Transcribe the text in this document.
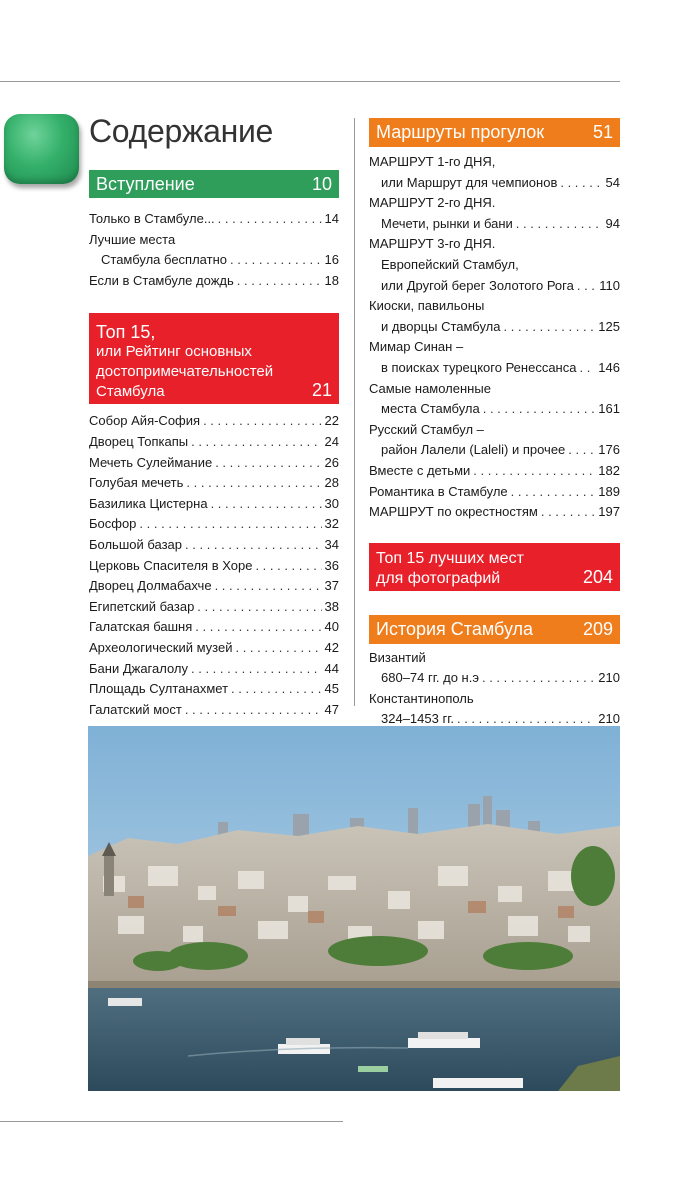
Содержание
Вступление	10
Только в Стамбуле... . . .	14
Лучшие места
Стамбула бесплатно . . .	16
Если в Стамбуле дождь . . .	18
Топ 15,
или Рейтинг основных
достопримечательностей
Стамбула	21
Собор Айя-София . . .	22
Дворец Топкапы . . .	24
Мечеть Сулеймание . . .	26
Голубая мечеть . . .	28
Базилика Цистерна . . .	30
Босфор . . .	32
Большой базар . . .	34
Церковь Спасителя в Хоре . . .	36
Дворец Долмабахче . . .	37
Египетский базар . . .	38
Галатская башня . . .	40
Археологический музей . . .	42
Бани Джагалолу . . .	44
Площадь Султанахмет . . .	45
Галатский мост . . .	47
Маршруты прогулок	51
МАРШРУТ 1-го ДНЯ,
или Маршрут для чемпионов . . .	54
МАРШРУТ 2-го ДНЯ.
Мечети, рынки и бани . . .	94
МАРШРУТ 3-го ДНЯ.
Европейский Стамбул,
или Другой берег Золотого Рога . . . 110
Киоски, павильоны
и дворцы Стамбула . . .	125
Мимар Синан –
в поисках турецкого Ренессанса . . . 146
Самые намоленные
места Стамбула . . .	161
Русский Стамбул –
район Лалели (Laleli) и прочее . . .	176
Вместе с детьми . . .	182
Романтика в Стамбуле . . .	189
МАРШРУТ по окрестностям . . .	197
Топ 15 лучших мест
для фотографий	204
История Стамбула	209
Византий
680–74 гг. до н.э . . .	210
Константинополь
324–1453 гг. . . .	210
. . .
